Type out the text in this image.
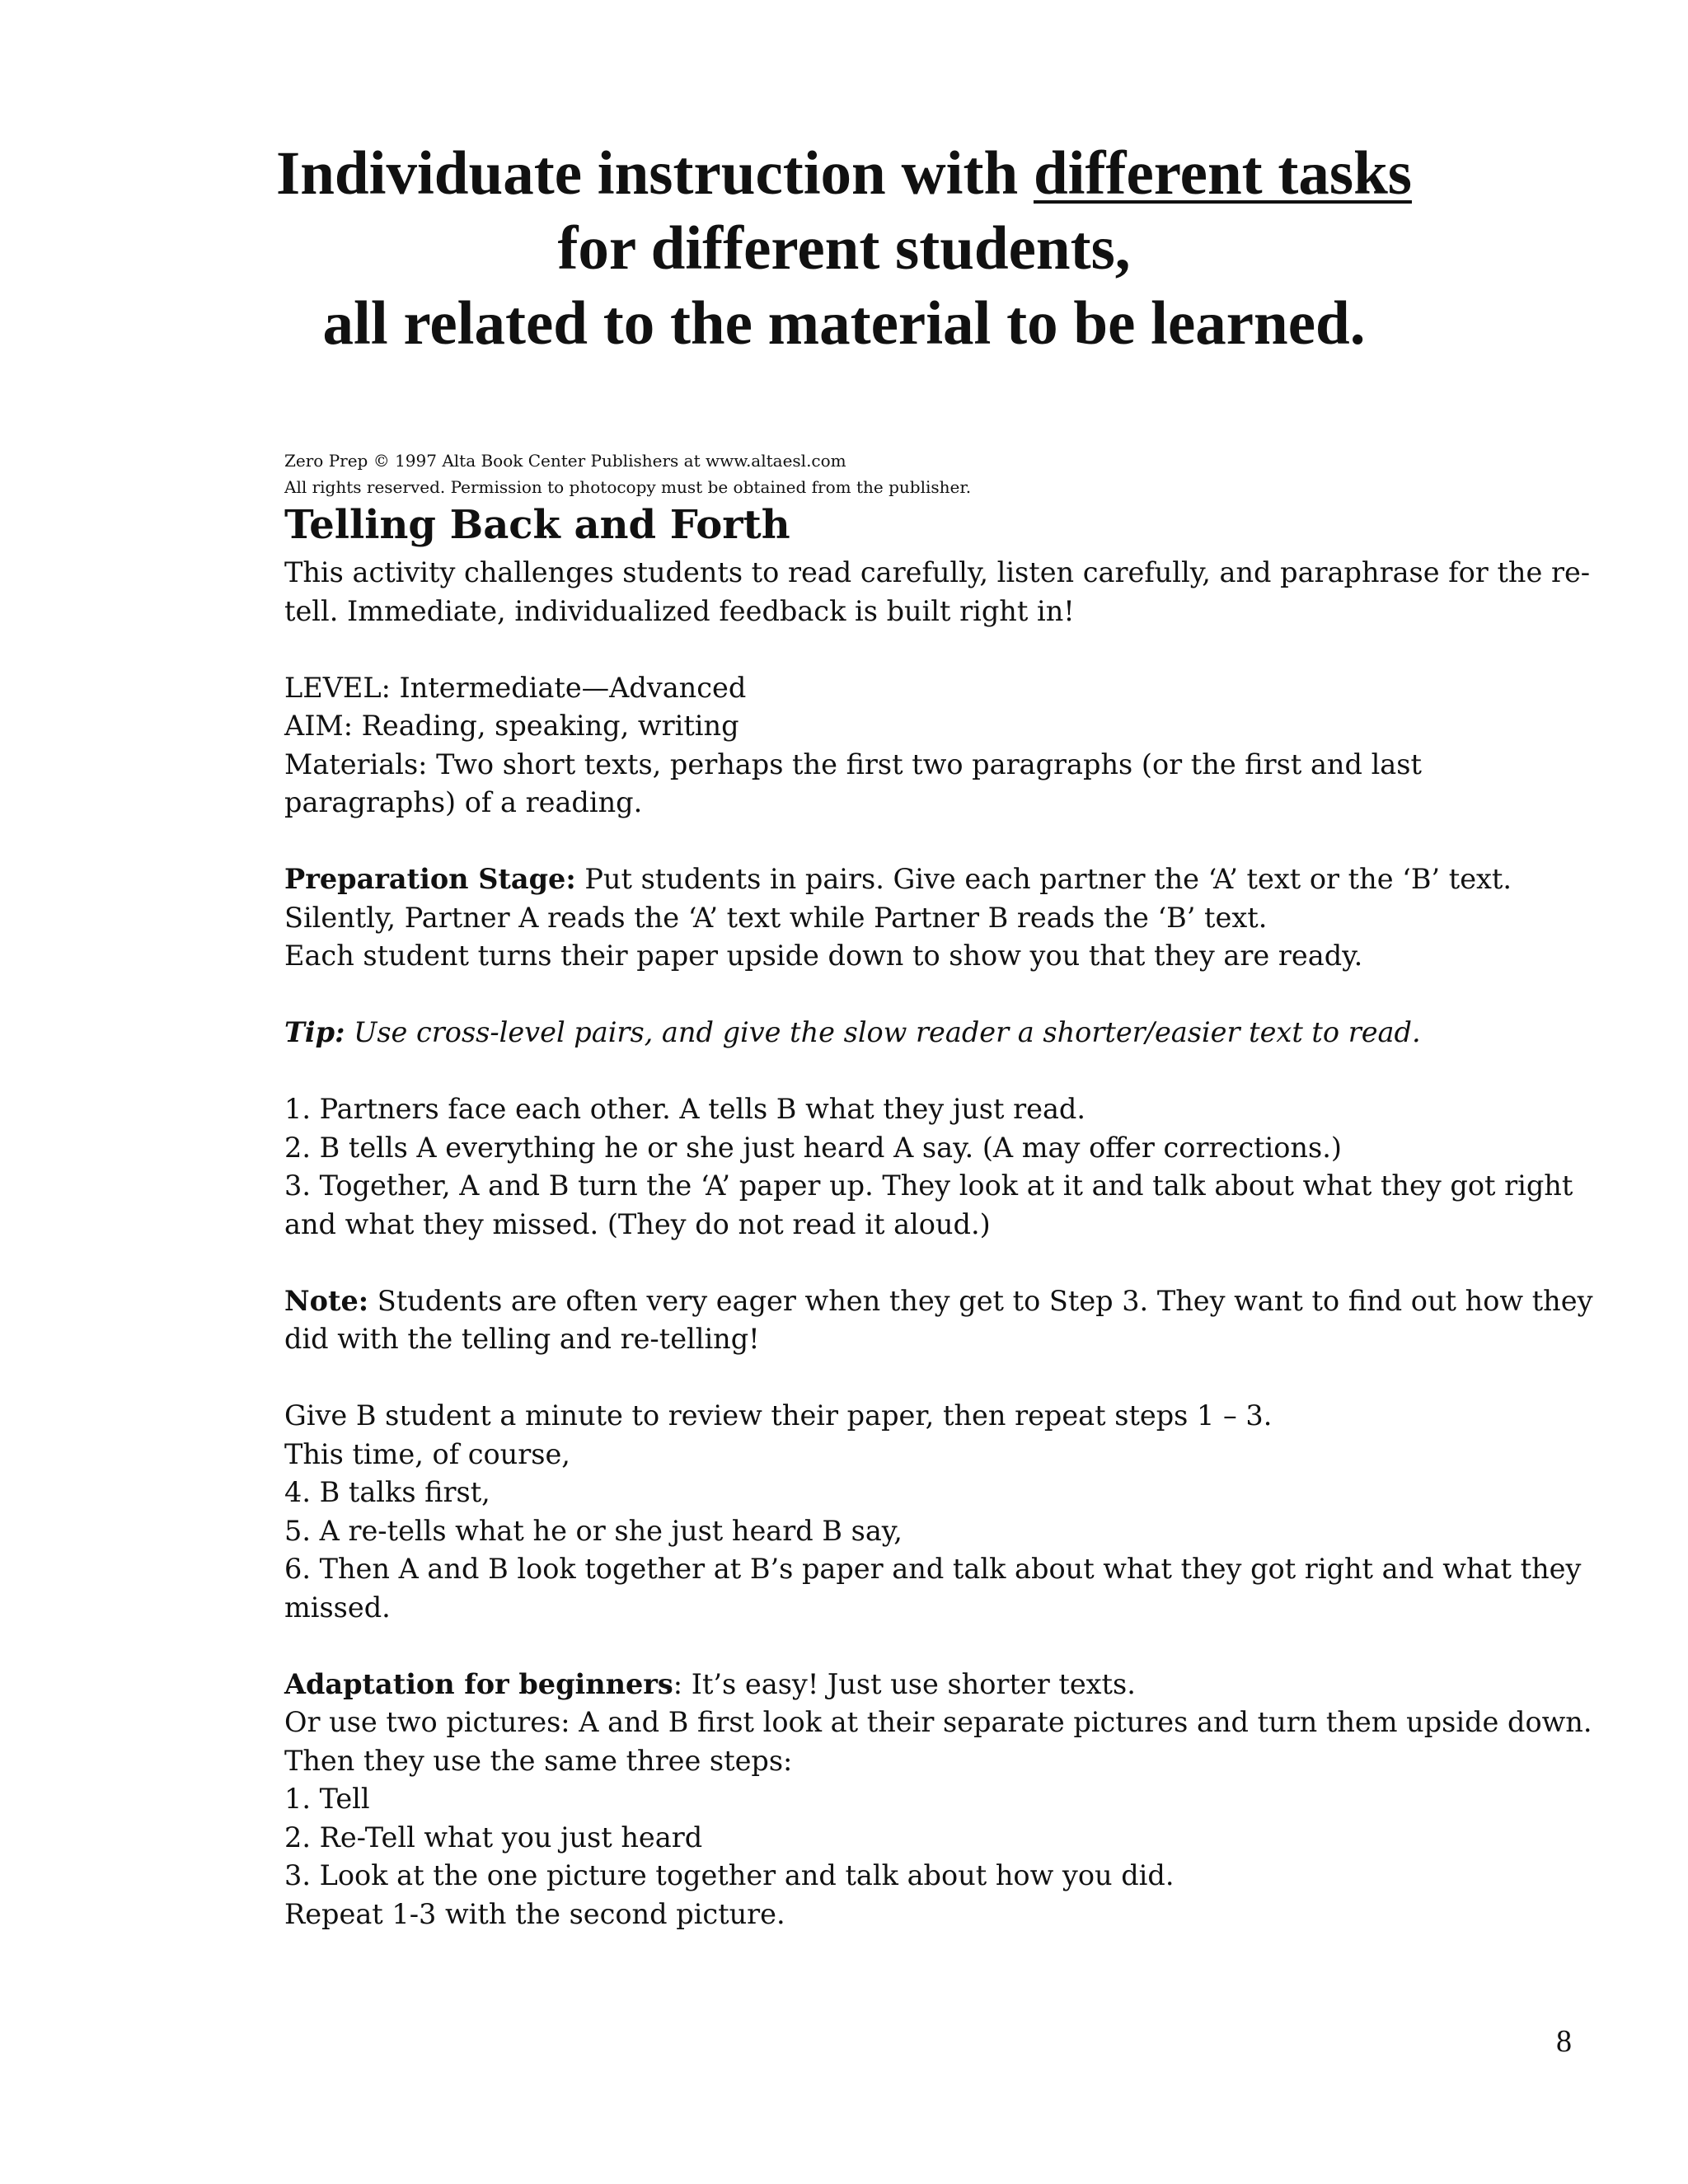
Individuate instruction with different tasks
for different students,
all related to the material to be learned.
Zero Prep © 1997 Alta Book Center Publishers at www.altaesl.com
All rights reserved. Permission to photocopy must be obtained from the publisher.
Telling Back and Forth
This activity challenges students to read carefully, listen carefully, and paraphrase for the re-
tell. Immediate, individualized feedback is built right in!
LEVEL: Intermediate—Advanced
AIM: Reading, speaking, writing
Materials: Two short texts, perhaps the first two paragraphs (or the first and last
paragraphs) of a reading.
Preparation Stage: Put students in pairs. Give each partner the ‘A’ text or the ‘B’ text.
Silently, Partner A reads the ‘A’ text while Partner B reads the ‘B’ text.
Each student turns their paper upside down to show you that they are ready.
Tip: Use cross-level pairs, and give the slow reader a shorter/easier text to read.
1. Partners face each other. A tells B what they just read.
2. B tells A everything he or she just heard A say. (A may offer corrections.)
3. Together, A and B turn the ‘A’ paper up. They look at it and talk about what they got right
and what they missed. (They do not read it aloud.)
Note: Students are often very eager when they get to Step 3. They want to find out how they
did with the telling and re-telling!
Give B student a minute to review their paper, then repeat steps 1 – 3.
This time, of course,
4. B talks first,
5. A re-tells what he or she just heard B say,
6. Then A and B look together at B’s paper and talk about what they got right and what they
missed.
Adaptation for beginners: It’s easy! Just use shorter texts.
Or use two pictures: A and B first look at their separate pictures and turn them upside down.
Then they use the same three steps:
1. Tell
2. Re-Tell what you just heard
3. Look at the one picture together and talk about how you did.
Repeat 1-3 with the second picture.
8
